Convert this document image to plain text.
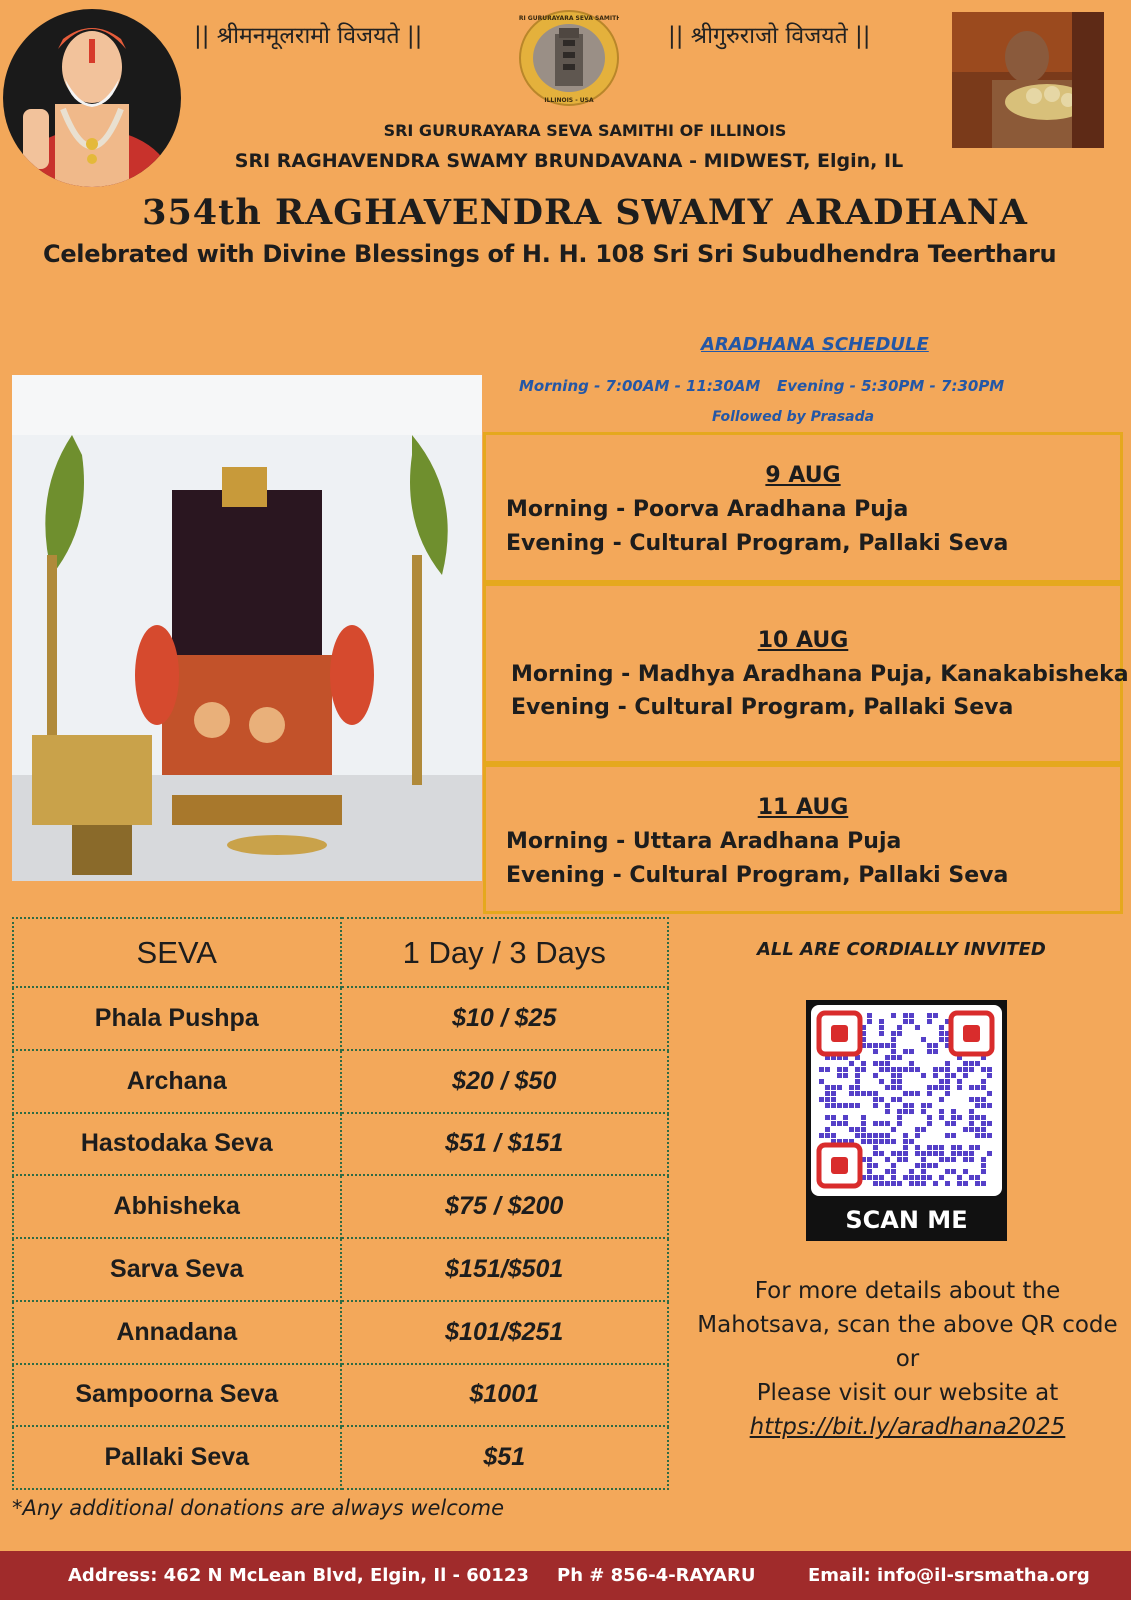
|| श्रीमनमूलरामो विजयते ||	|| श्रीगुरुराजो विजयते ||
SRI GURURAYARA SEVA SAMITHI
ILLINOIS - USA
SRI GURURAYARA SEVA SAMITHI OF ILLINOIS
SRI RAGHAVENDRA SWAMY BRUNDAVANA - MIDWEST, Elgin, IL
354th RAGHAVENDRA SWAMY ARADHANA
Celebrated with Divine Blessings of H. H. 108 Sri Sri Subudhendra Teertharu
ARADHANA SCHEDULE
Morning - 7:00AM - 11:30AM Evening - 5:30PM - 7:30PM
Followed by Prasada
9 AUG
Morning - Poorva Aradhana Puja
Evening - Cultural Program, Pallaki Seva
10 AUG
Morning - Madhya Aradhana Puja, Kanakabisheka
Evening - Cultural Program, Pallaki Seva
11 AUG
Morning - Uttara Aradhana Puja
Evening - Cultural Program, Pallaki Seva
SEVA	1 Day / 3 Days
Phala Pushpa	$10 / $25
Archana	$20 / $50
Hastodaka Seva	$51 / $151
Abhisheka	$75 / $200
Sarva Seva	$151/$501
Annadana	$101/$251
Sampoorna Seva	$1001
Pallaki Seva	$51
*Any additional donations are always welcome
ALL ARE CORDIALLY INVITED
SCAN ME
For more details about the
Mahotsava, scan the above QR code
or
Please visit our website at
https://bit.ly/aradhana2025
Address: 462 N McLean Blvd, Elgin, Il - 60123 Ph # 856-4-RAYARU	Email: info@il-srsmatha.org
